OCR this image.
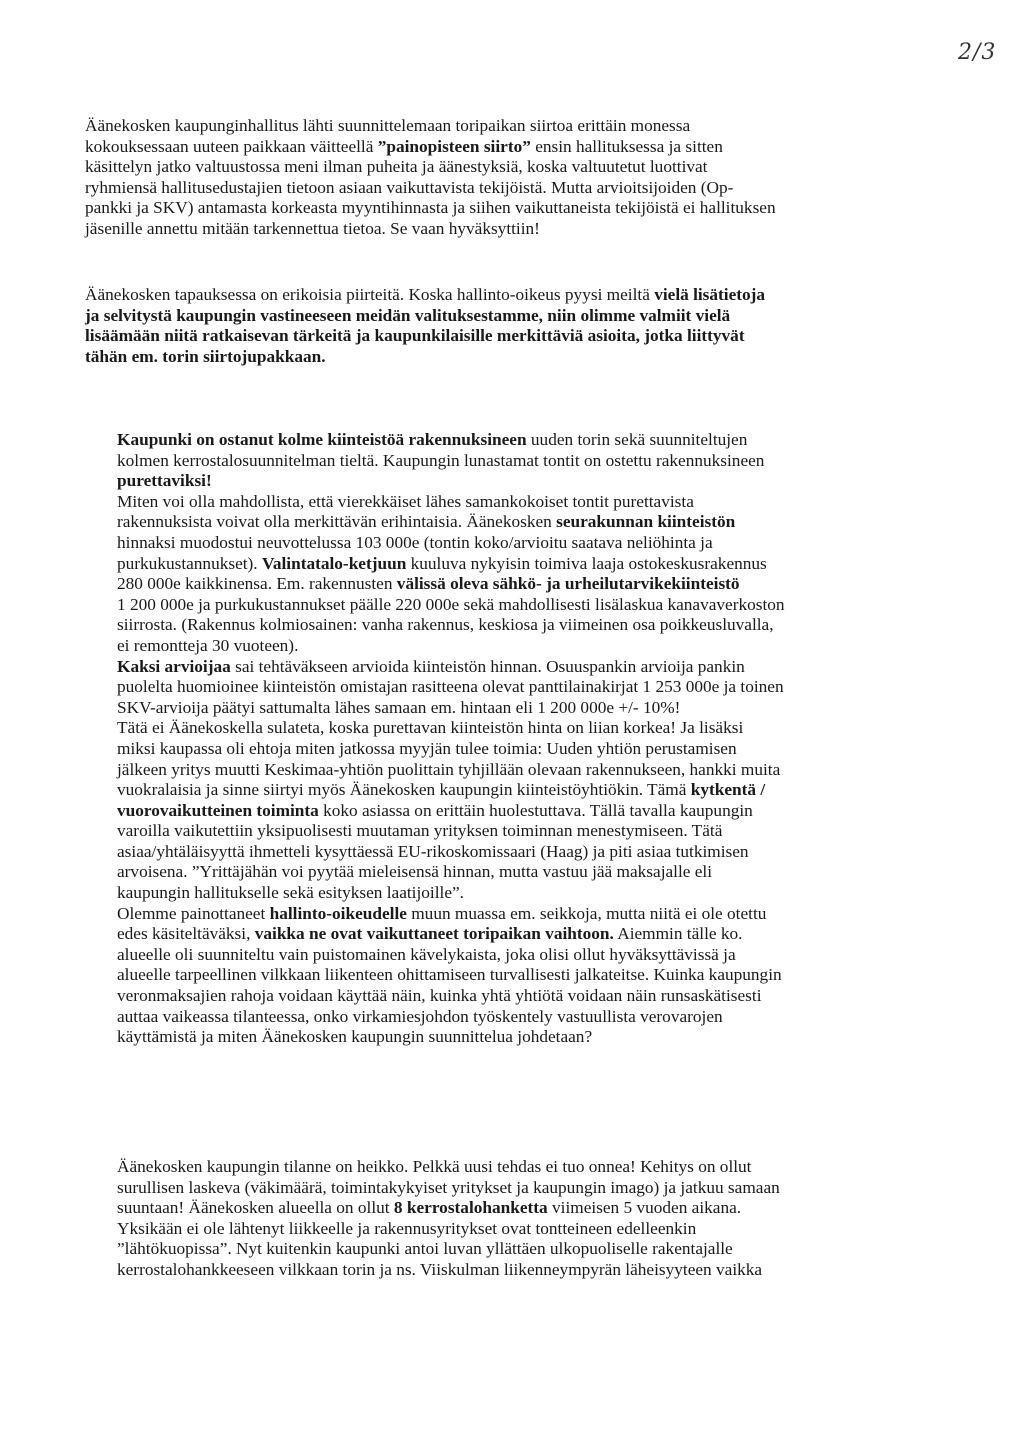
2/3
Äänekosken kaupunginhallitus lähti suunnittelemaan toripaikan siirtoa erittäin monessa
kokouksessaan uuteen paikkaan väitteellä ”painopisteen siirto” ensin hallituksessa ja sitten
käsittelyn jatko valtuustossa meni ilman puheita ja äänestyksiä, koska valtuutetut luottivat
ryhmiensä hallitusedustajien tietoon asiaan vaikuttavista tekijöistä. Mutta arvioitsijoiden (Op-
pankki ja SKV) antamasta korkeasta myyntihinnasta ja siihen vaikuttaneista tekijöistä ei hallituksen
jäsenille annettu mitään tarkennettua tietoa. Se vaan hyväksyttiin!
Äänekosken tapauksessa on erikoisia piirteitä. Koska hallinto-oikeus pyysi meiltä vielä lisätietoja
ja selvitystä kaupungin vastineeseen meidän valituksestamme, niin olimme valmiit vielä
lisäämään niitä ratkaisevan tärkeitä ja kaupunkilaisille merkittäviä asioita, jotka liittyvät
tähän em. torin siirtojupakkaan.
Kaupunki on ostanut kolme kiinteistöä rakennuksineen uuden torin sekä suunniteltujen
kolmen kerrostalosuunnitelman tieltä. Kaupungin lunastamat tontit on ostettu rakennuksineen
purettaviksi!
Miten voi olla mahdollista, että vierekkäiset lähes samankokoiset tontit purettavista
rakennuksista voivat olla merkittävän erihintaisia. Äänekosken seurakunnan kiinteistön
hinnaksi muodostui neuvottelussa 103 000e (tontin koko/arvioitu saatava neliöhinta ja
purkukustannukset). Valintatalo-ketjuun kuuluva nykyisin toimiva laaja ostokeskusrakennus
280 000e kaikkinensa. Em. rakennusten välissä oleva sähkö- ja urheilutarvikekiinteistö
1 200 000e ja purkukustannukset päälle 220 000e sekä mahdollisesti lisälaskua kanavaverkoston
siirrosta. (Rakennus kolmiosainen: vanha rakennus, keskiosa ja viimeinen osa poikkeusluvalla,
ei remontteja 30 vuoteen).
Kaksi arvioijaa sai tehtäväkseen arvioida kiinteistön hinnan. Osuuspankin arvioija pankin
puolelta huomioinee kiinteistön omistajan rasitteena olevat panttilainakirjat 1 253 000e ja toinen
SKV-arvioija päätyi sattumalta lähes samaan em. hintaan eli 1 200 000e +/- 10%!
Tätä ei Äänekoskella sulateta, koska purettavan kiinteistön hinta on liian korkea! Ja lisäksi
miksi kaupassa oli ehtoja miten jatkossa myyjän tulee toimia: Uuden yhtiön perustamisen
jälkeen yritys muutti Keskimaa-yhtiön puolittain tyhjillään olevaan rakennukseen, hankki muita
vuokralaisia ja sinne siirtyi myös Äänekosken kaupungin kiinteistöyhtiökin. Tämä kytkentä /
vuorovaikutteinen toiminta koko asiassa on erittäin huolestuttava. Tällä tavalla kaupungin
varoilla vaikutettiin yksipuolisesti muutaman yrityksen toiminnan menestymiseen. Tätä
asiaa/yhtäläisyyttä ihmetteli kysyttäessä EU-rikoskomissaari (Haag) ja piti asiaa tutkimisen
arvoisena. ”Yrittäjähän voi pyytää mieleisensä hinnan, mutta vastuu jää maksajalle eli
kaupungin hallitukselle sekä esityksen laatijoille”.
Olemme painottaneet hallinto-oikeudelle muun muassa em. seikkoja, mutta niitä ei ole otettu
edes käsiteltäväksi, vaikka ne ovat vaikuttaneet toripaikan vaihtoon. Aiemmin tälle ko.
alueelle oli suunniteltu vain puistomainen kävelykaista, joka olisi ollut hyväksyttävissä ja
alueelle tarpeellinen vilkkaan liikenteen ohittamiseen turvallisesti jalkateitse. Kuinka kaupungin
veronmaksajien rahoja voidaan käyttää näin, kuinka yhtä yhtiötä voidaan näin runsaskätisesti
auttaa vaikeassa tilanteessa, onko virkamiesjohdon työskentely vastuullista verovarojen
käyttämistä ja miten Äänekosken kaupungin suunnittelua johdetaan?
Äänekosken kaupungin tilanne on heikko. Pelkkä uusi tehdas ei tuo onnea! Kehitys on ollut
surullisen laskeva (väkimäärä, toimintakykyiset yritykset ja kaupungin imago) ja jatkuu samaan
suuntaan! Äänekosken alueella on ollut 8 kerrostalohanketta viimeisen 5 vuoden aikana.
Yksikään ei ole lähtenyt liikkeelle ja rakennusyritykset ovat tontteineen edelleenkin
”lähtökuopissa”. Nyt kuitenkin kaupunki antoi luvan yllättäen ulkopuoliselle rakentajalle
kerrostalohankkeeseen vilkkaan torin ja ns. Viiskulman liikenneympyrän läheisyyteen vaikka
